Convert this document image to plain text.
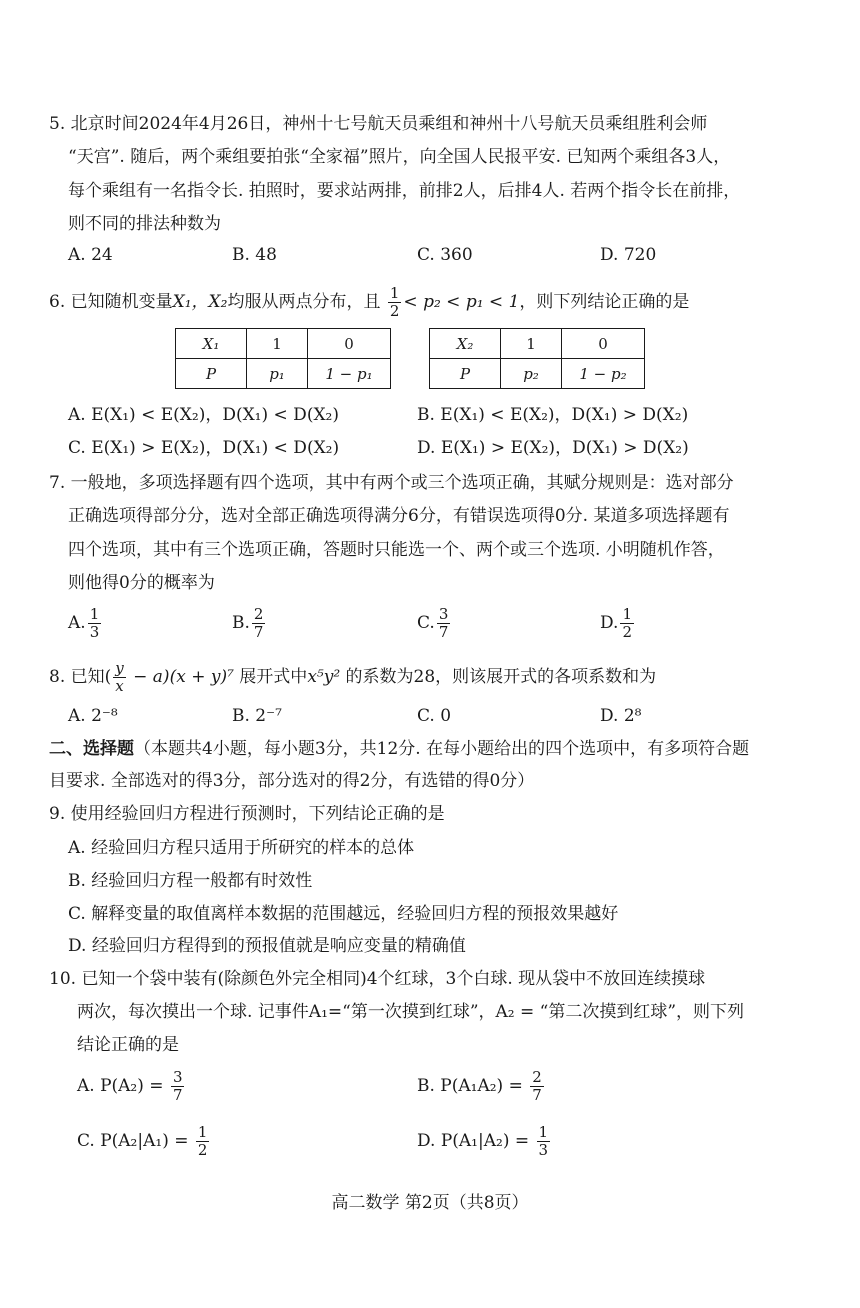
5. 北京时间2024年4月26日，神州十七号航天员乘组和神州十八号航天员乘组胜利会师
“天宫”. 随后，两个乘组要拍张“全家福”照片，向全国人民报平安. 已知两个乘组各3人，
每个乘组有一名指令长. 拍照时，要求站两排，前排2人，后排4人. 若两个指令长在前排，
则不同的排法种数为
A. 24	B. 48	C. 360	D. 720
6. 已知随机变量X₁，X₂均服从两点分布，且 $\frac{1}{2} < p_2 < p_1 < 1$，则下列结论正确的是
X₁	1	0
P	p₁	1 − p₁
X₂	1	0
P	p₂	1 − p₂
A. E(X₁) < E(X₂)，D(X₁) < D(X₂)	B. E(X₁) < E(X₂)，D(X₁) > D(X₂)
C. E(X₁) > E(X₂)，D(X₁) < D(X₂)	D. E(X₁) > E(X₂)，D(X₁) > D(X₂)
7. 一般地，多项选择题有四个选项，其中有两个或三个选项正确，其赋分规则是：选对部分
正确选项得部分分，选对全部正确选项得满分6分，有错误选项得0分. 某道多项选择题有
四个选项，其中有三个选项正确，答题时只能选一个、两个或三个选项. 小明随机作答，
则他得0分的概率为
A. $\frac{1}{3}$	B. $\frac{2}{7}$	C. $\frac{3}{7}$	D. $\frac{1}{2}$
8. 已知( $\frac{y}{x} - a)(x + y)^7$ 展开式中x⁵y² 的系数为28，则该展开式的各项系数和为
A. 2⁻⁸	B. 2⁻⁷	C. 0	D. 2⁸
二、选择题（本题共4小题，每小题3分，共12分. 在每小题给出的四个选项中，有多项符合题
目要求. 全部选对的得3分，部分选对的得2分，有选错的得0分）
9. 使用经验回归方程进行预测时，下列结论正确的是
A. 经验回归方程只适用于所研究的样本的总体
B. 经验回归方程一般都有时效性
C. 解释变量的取值离样本数据的范围越远，经验回归方程的预报效果越好
D. 经验回归方程得到的预报值就是响应变量的精确值
10. 已知一个袋中装有(除颜色外完全相同)4个红球，3个白球. 现从袋中不放回连续摸球
两次，每次摸出一个球. 记事件A₁=“第一次摸到红球”，A₂ = “第二次摸到红球”，则下列
结论正确的是
A. $P(A_2) = \frac{3}{7}$	B. $P(A_1A_2) = \frac{2}{7}$
C. $P(A_2|A_1) = \frac{1}{2}$	D. $P(A_1|A_2) = \frac{1}{3}$
高二数学 第2页（共8页）
